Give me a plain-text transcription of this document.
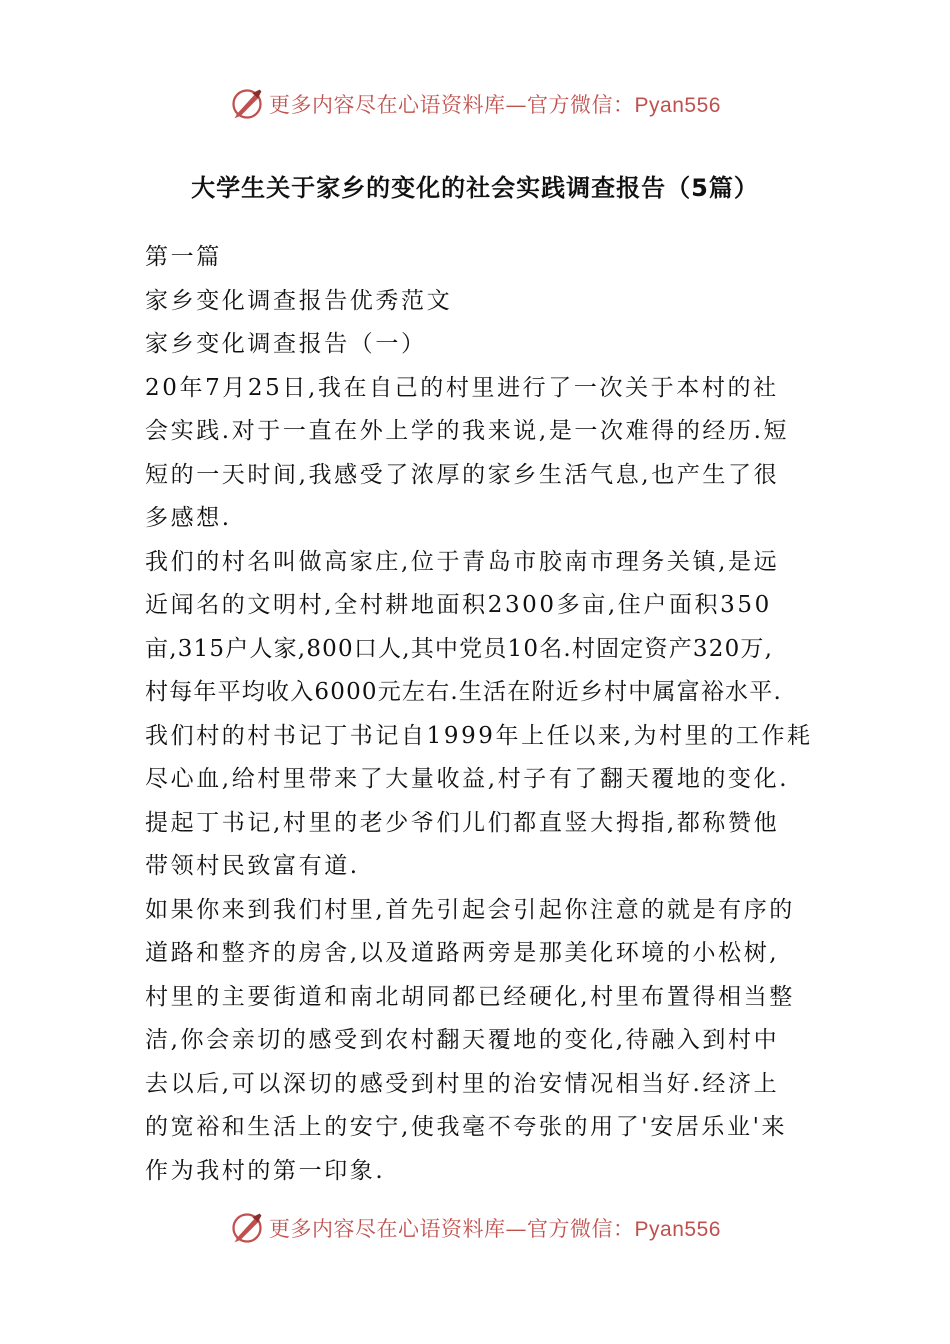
更多内容尽在心语资料库—官方微信：Pyan556
大学生关于家乡的变化的社会实践调查报告（5篇）
第一篇
家乡变化调查报告优秀范文
家乡变化调查报告（一）
20年7月25日,我在自己的村里进行了一次关于本村的社
会实践.对于一直在外上学的我来说,是一次难得的经历.短
短的一天时间,我感受了浓厚的家乡生活气息,也产生了很
多感想.
我们的村名叫做高家庄,位于青岛市胶南市理务关镇,是远
近闻名的文明村,全村耕地面积2300多亩,住户面积350
亩,315户人家,800口人,其中党员10名.村固定资产320万,
村每年平均收入6000元左右.生活在附近乡村中属富裕水平.
我们村的村书记丁书记自1999年上任以来,为村里的工作耗
尽心血,给村里带来了大量收益,村子有了翻天覆地的变化.
提起丁书记,村里的老少爷们儿们都直竖大拇指,都称赞他
带领村民致富有道.
如果你来到我们村里,首先引起会引起你注意的就是有序的
道路和整齐的房舍,以及道路两旁是那美化环境的小松树,
村里的主要街道和南北胡同都已经硬化,村里布置得相当整
洁,你会亲切的感受到农村翻天覆地的变化,待融入到村中
去以后,可以深切的感受到村里的治安情况相当好.经济上
的宽裕和生活上的安宁,使我毫不夸张的用了'安居乐业'来
作为我村的第一印象.
更多内容尽在心语资料库—官方微信：Pyan556
